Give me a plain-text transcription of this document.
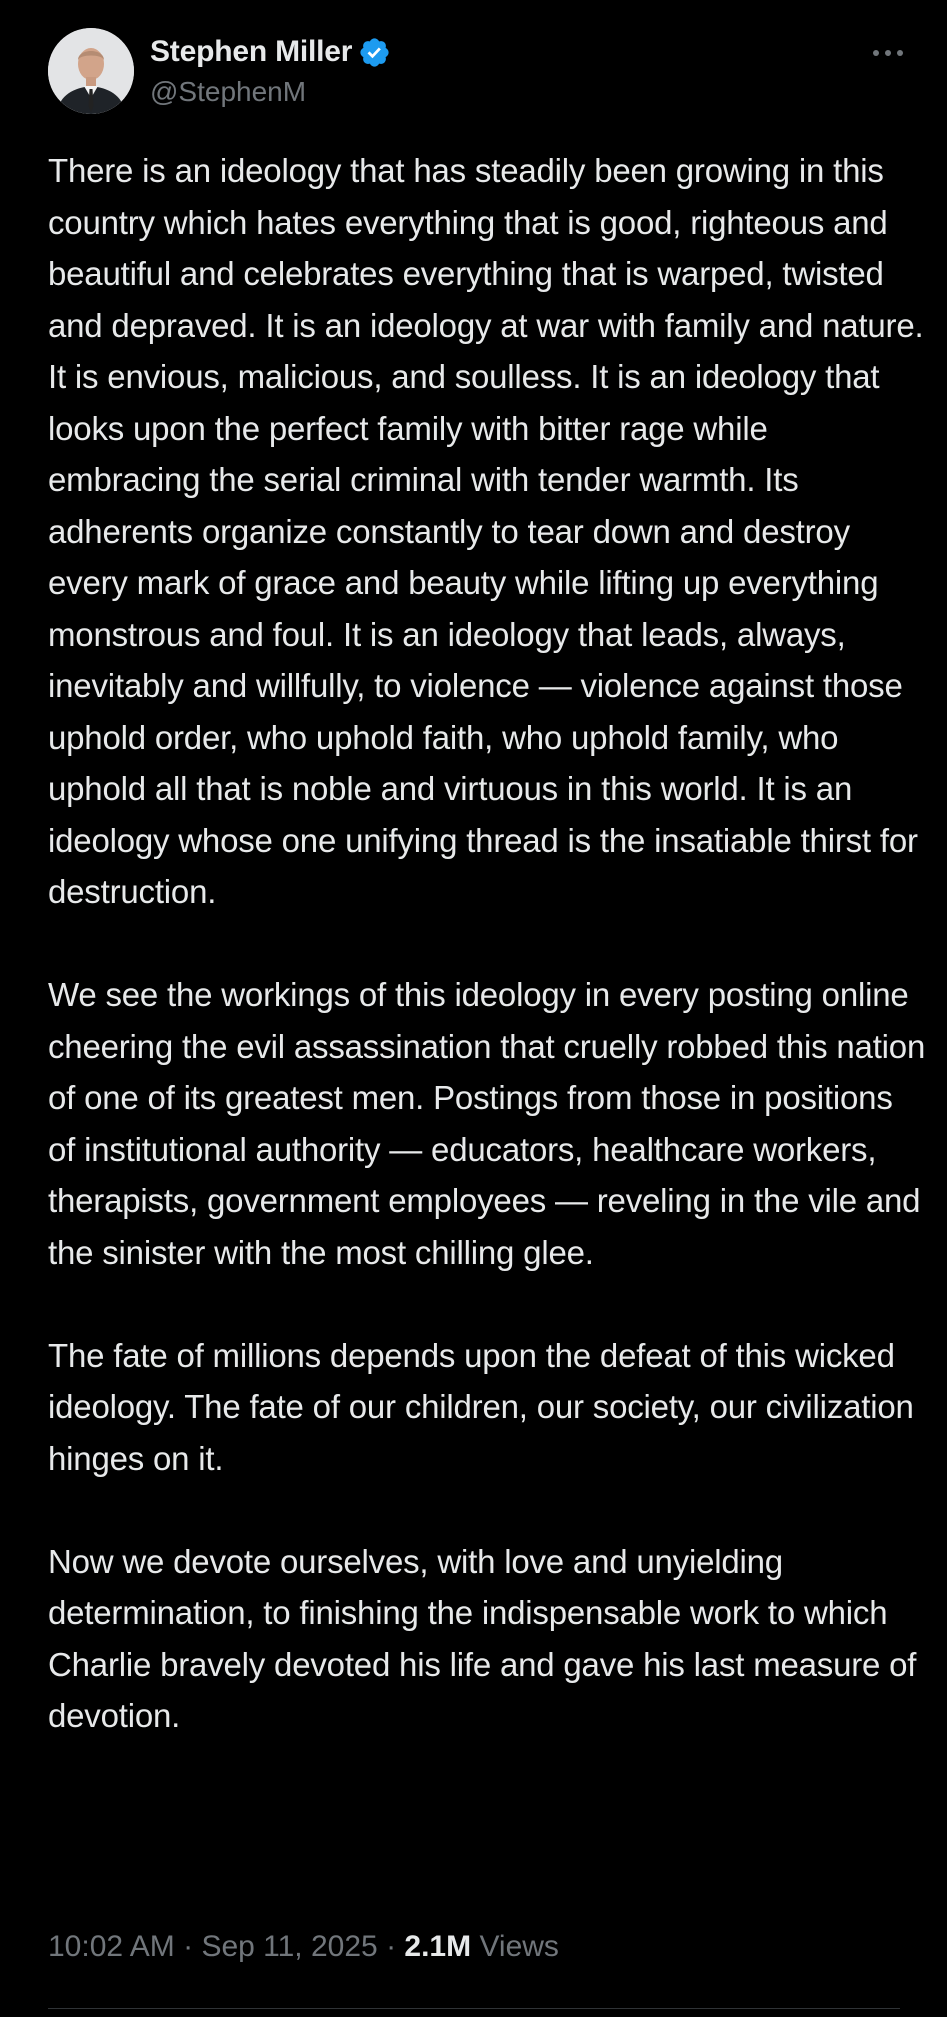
Stephen Miller
@StephenM

There is an ideology that has steadily been growing in this country which hates everything that is good, righteous and beautiful and celebrates everything that is warped, twisted and depraved. It is an ideology at war with family and nature. It is envious, malicious, and soulless. It is an ideology that looks upon the perfect family with bitter rage while embracing the serial criminal with tender warmth. Its adherents organize constantly to tear down and destroy every mark of grace and beauty while lifting up everything monstrous and foul. It is an ideology that leads, always, inevitably and willfully, to violence — violence against those uphold order, who uphold faith, who uphold family, who uphold all that is noble and virtuous in this world. It is an ideology whose one unifying thread is the insatiable thirst for destruction.

We see the workings of this ideology in every posting online cheering the evil assassination that cruelly robbed this nation of one of its greatest men. Postings from those in positions of institutional authority — educators, healthcare workers, therapists, government employees — reveling in the vile and the sinister with the most chilling glee.

The fate of millions depends upon the defeat of this wicked ideology. The fate of our children, our society, our civilization hinges on it.

Now we devote ourselves, with love and unyielding determination, to finishing the indispensable work to which Charlie bravely devoted his life and gave his last measure of devotion.

10:02 AM · Sep 11, 2025 · 2.1M Views
